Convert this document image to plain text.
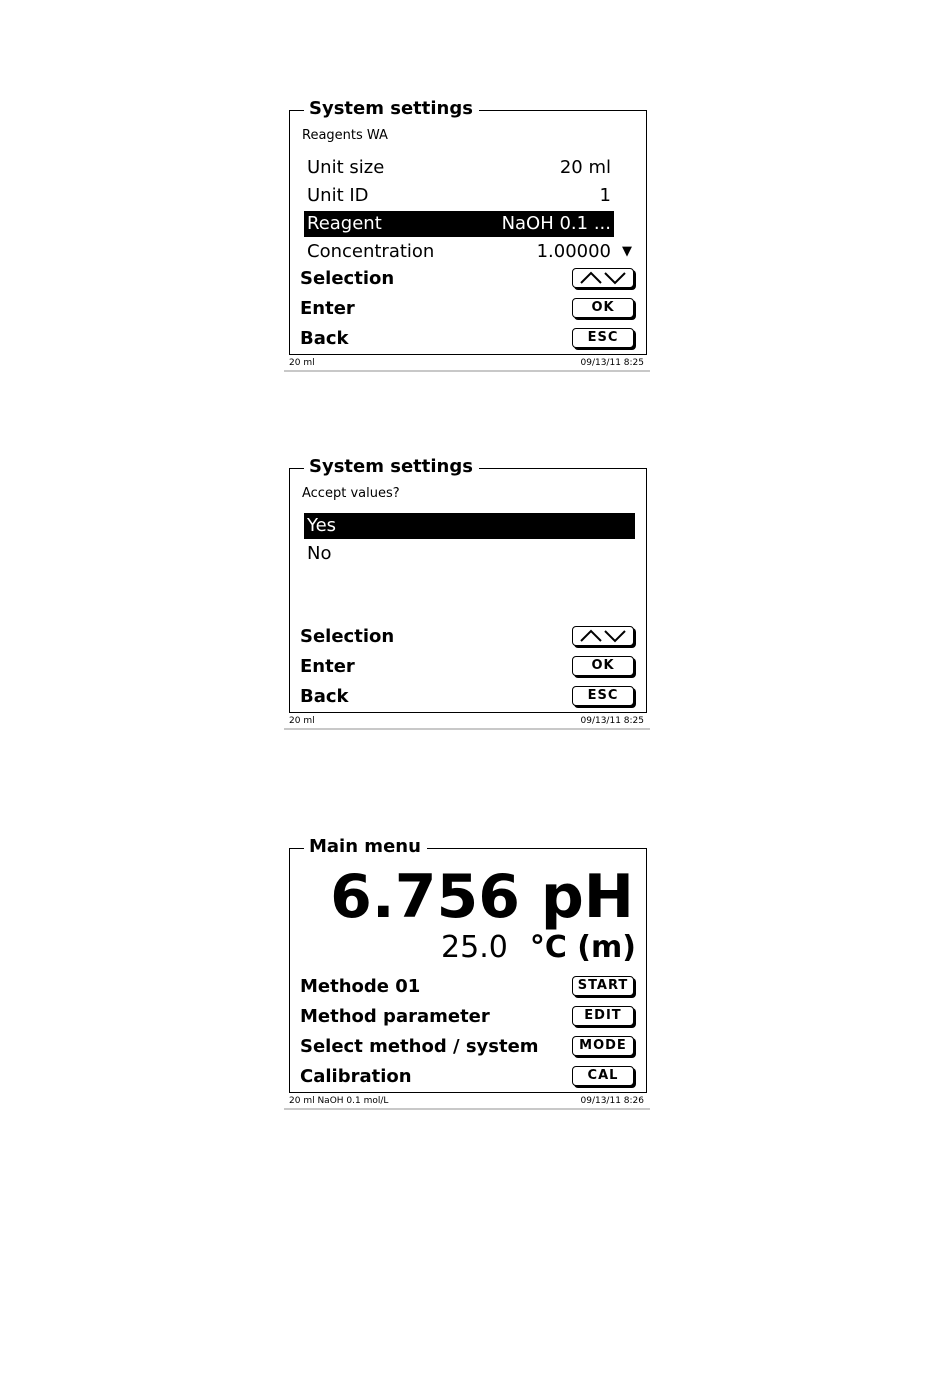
System settings
Reagents WA
Unit size	20 ml
Unit ID	1
Reagent	NaOH 0.1 ...
Concentration	1.00000 ▼
Selection
Enter	OK
Back	ESC
20 ml	09/13/11 8:25
System settings
Accept values?
Yes
No
Selection
Enter	OK
Back	ESC
20 ml	09/13/11 8:25
Main menu
6.756 pH
25.0 °C (m)
Methode 01	START
Method parameter	EDIT
Select method / system	MODE
Calibration	CAL
20 ml NaOH 0.1 mol/L	09/13/11 8:26
